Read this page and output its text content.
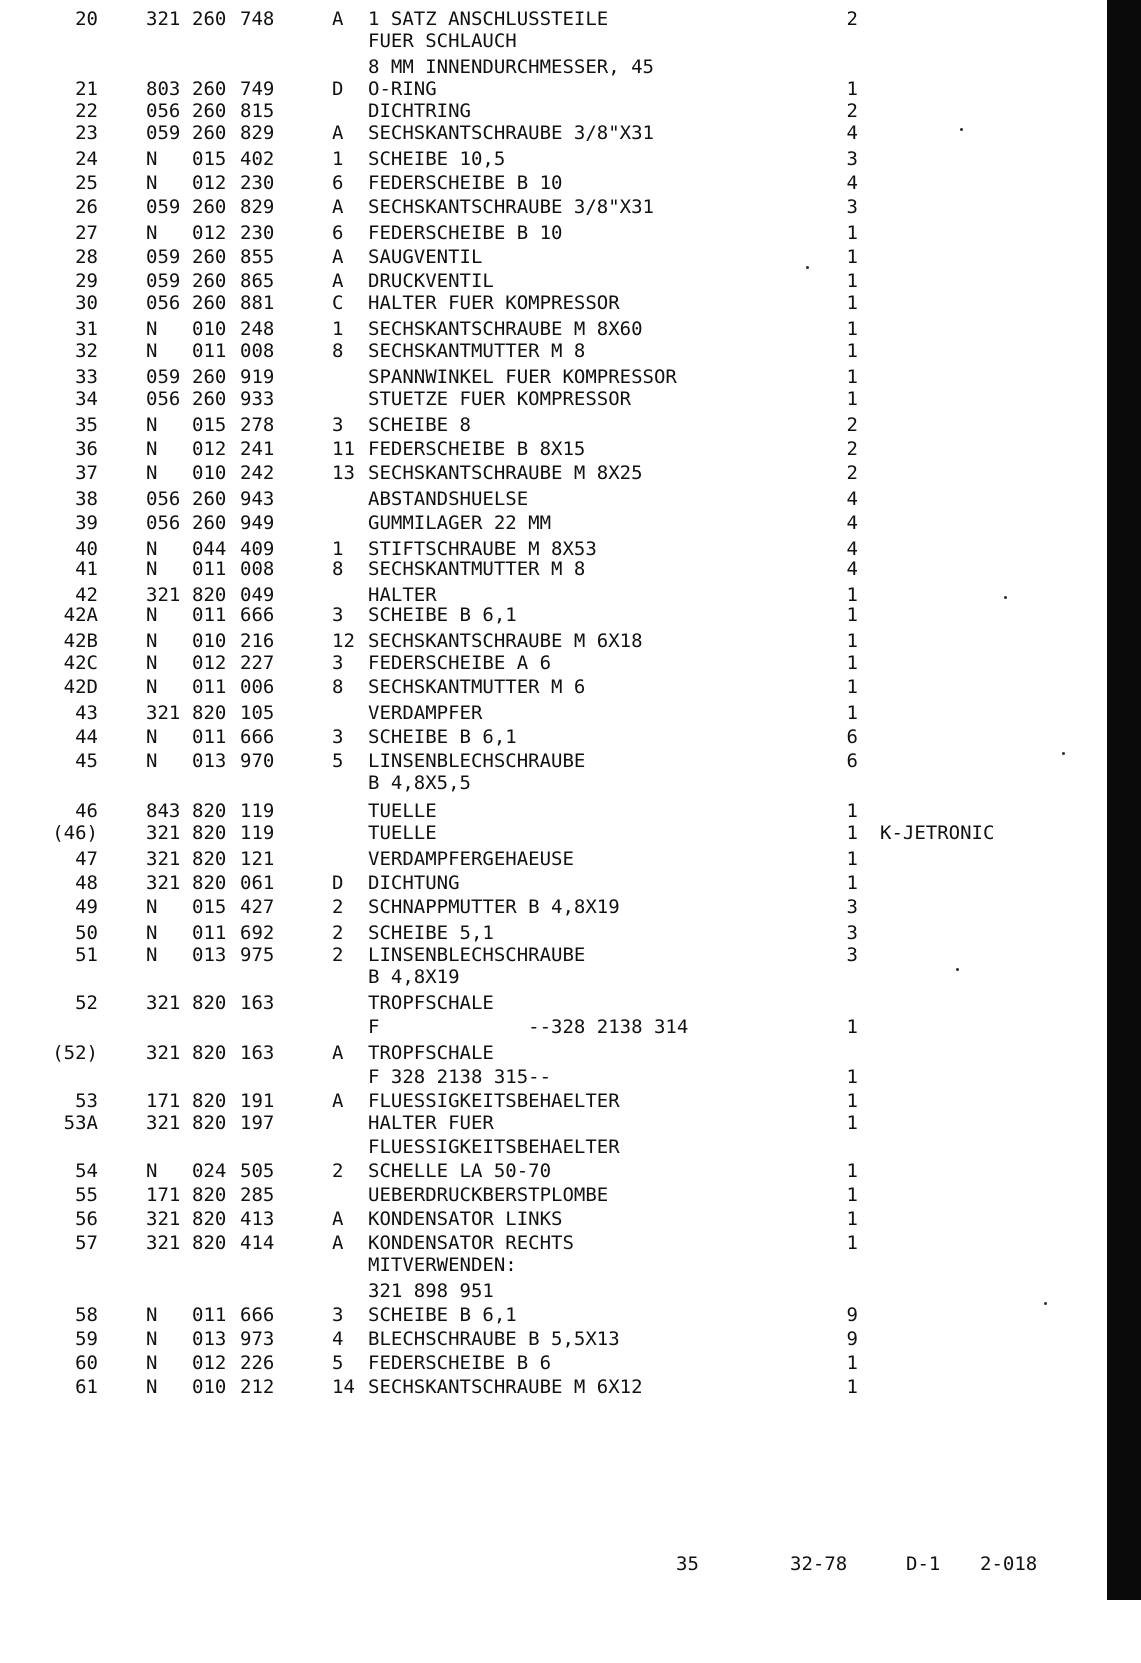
20	321 260 748	A 1 SATZ ANSCHLUSSTEILE	2
FUER SCHLAUCH
8 MM INNENDURCHMESSER, 45
21	803 260 749	D O-RING	1
22	056 260 815	DICHTRING	2
23	059 260 829	A SECHSKANTSCHRAUBE 3/8"X31	4
24	N 015 402	1 SCHEIBE 10,5	3
25	N 012 230	6 FEDERSCHEIBE B 10	4
26	059 260 829	A SECHSKANTSCHRAUBE 3/8"X31	3
27	N 012 230	6 FEDERSCHEIBE B 10	1
28	059 260 855	A SAUGVENTIL	1
29	059 260 865	A DRUCKVENTIL	1
30	056 260 881	C HALTER FUER KOMPRESSOR	1
31	N 010 248	1 SECHSKANTSCHRAUBE M 8X60	1
32	N 011 008	8 SECHSKANTMUTTER M 8	1
33	059 260 919	SPANNWINKEL FUER KOMPRESSOR	1
34	056 260 933	STUETZE FUER KOMPRESSOR	1
35	N 015 278	3 SCHEIBE 8	2
36	N 012 241	11 FEDERSCHEIBE B 8X15	2
37	N 010 242	13 SECHSKANTSCHRAUBE M 8X25	2
38	056 260 943	ABSTANDSHUELSE	4
39	056 260 949	GUMMILAGER 22 MM	4
40	N 044 409	1 STIFTSCHRAUBE M 8X53	4
41	N 011 008	8 SECHSKANTMUTTER M 8	4
42	321 820 049	HALTER	1
42A	N 011 666	3 SCHEIBE B 6,1	1
42B	N 010 216	12 SECHSKANTSCHRAUBE M 6X18	1
42C	N 012 227	3 FEDERSCHEIBE A 6	1
42D	N 011 006	8 SECHSKANTMUTTER M 6	1
43	321 820 105	VERDAMPFER	1
44	N 011 666	3 SCHEIBE B 6,1	6
45	N 013 970	5 LINSENBLECHSCHRAUBE	6
B 4,8X5,5
46	843 820 119	TUELLE	1
(46)	321 820 119	TUELLE	1 K-JETRONIC
47	321 820 121	VERDAMPFERGEHAEUSE	1
48	321 820 061	D DICHTUNG	1
49	N 015 427	2 SCHNAPPMUTTER B 4,8X19	3
50	N 011 692	2 SCHEIBE 5,1	3
51	N 013 975	2 LINSENBLECHSCHRAUBE	3
B 4,8X19
52	321 820 163	TROPFSCHALE
F             --328 2138 314	1
(52)	321 820 163	A TROPFSCHALE
F 328 2138 315--	1
53	171 820 191	A FLUESSIGKEITSBEHAELTER	1
53A	321 820 197	HALTER FUER	1
FLUESSIGKEITSBEHAELTER
54	N 024 505	2 SCHELLE LA 50-70	1
55	171 820 285	UEBERDRUCKBERSTPLOMBE	1
56	321 820 413	A KONDENSATOR LINKS	1
57	321 820 414	A KONDENSATOR RECHTS	1
MITVERWENDEN:
321 898 951
58	N 011 666	3 SCHEIBE B 6,1	9
59	N 013 973	4 BLECHSCHRAUBE B 5,5X13	9
60	N 012 226	5 FEDERSCHEIBE B 6	1
61	N 010 212	14 SECHSKANTSCHRAUBE M 6X12	1

35

	32-78

	D-1

2-018
